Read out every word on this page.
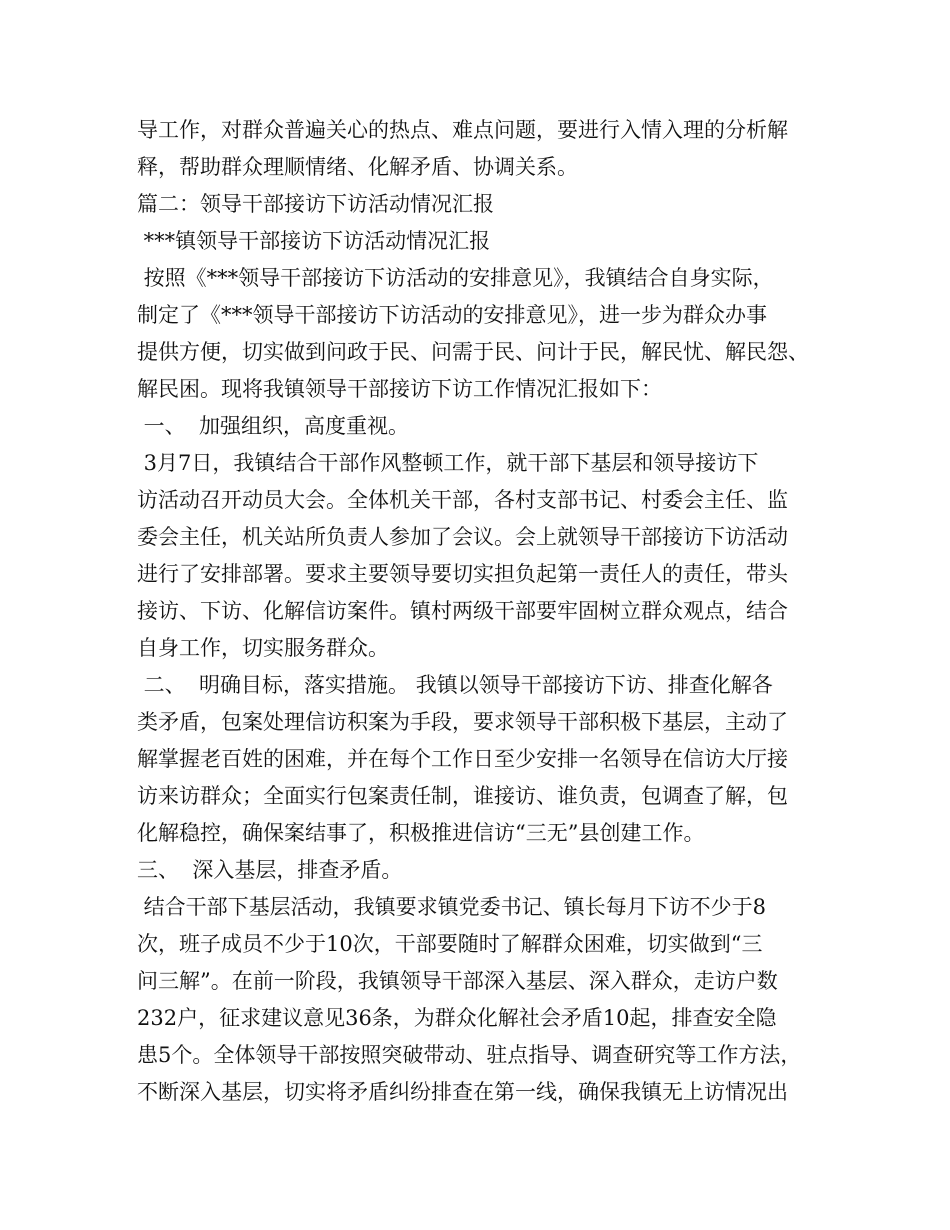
导工作，对群众普遍关心的热点、难点问题，要进行入情入理的分析解
释，帮助群众理顺情绪、化解矛盾、协调关系。
篇二：领导干部接访下访活动情况汇报
***镇领导干部接访下访活动情况汇报
按照《***领导干部接访下访活动的安排意见》，我镇结合自身实际，
制定了《***领导干部接访下访活动的安排意见》，进一步为群众办事
提供方便，切实做到问政于民、问需于民、问计于民，解民忧、解民怨、
解民困。现将我镇领导干部接访下访工作情况汇报如下：
一、  加强组织，高度重视。
3月7日，我镇结合干部作风整顿工作，就干部下基层和领导接访下
访活动召开动员大会。全体机关干部，各村支部书记、村委会主任、监
委会主任，机关站所负责人参加了会议。会上就领导干部接访下访活动
进行了安排部署。要求主要领导要切实担负起第一责任人的责任，带头
接访、下访、化解信访案件。镇村两级干部要牢固树立群众观点，结合
自身工作，切实服务群众。
二、  明确目标，落实措施。 我镇以领导干部接访下访、排查化解各
类矛盾，包案处理信访积案为手段，要求领导干部积极下基层，主动了
解掌握老百姓的困难，并在每个工作日至少安排一名领导在信访大厅接
访来访群众；全面实行包案责任制，谁接访、谁负责，包调查了解，包
化解稳控，确保案结事了，积极推进信访“三无”县创建工作。
三、  深入基层，排查矛盾。
结合干部下基层活动，我镇要求镇党委书记、镇长每月下访不少于8
次，班子成员不少于10次，干部要随时了解群众困难，切实做到“三
问三解”。在前一阶段，我镇领导干部深入基层、深入群众，走访户数
232户，征求建议意见36条，为群众化解社会矛盾10起，排查安全隐
患5个。全体领导干部按照突破带动、驻点指导、调查研究等工作方法，
不断深入基层，切实将矛盾纠纷排查在第一线，确保我镇无上访情况出
